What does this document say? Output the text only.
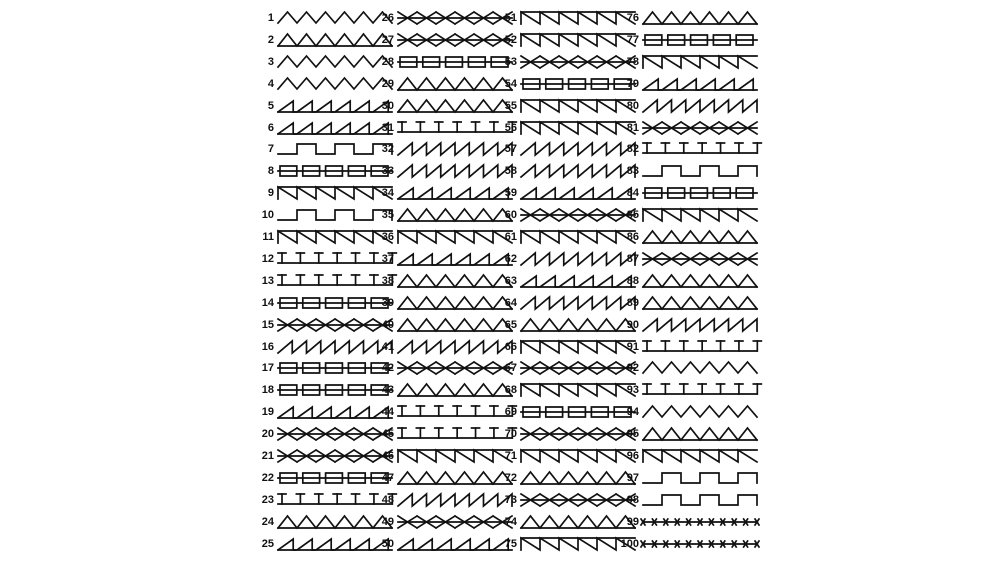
1
2
3
4
5
6
7
8
9
10
11
12
13
14
15
16
17
18
19
20
21
22
23
24
25
26
27
28
29
30
31
32
33
34
35
36
37
38
39
40
41
42
43
44
45
46
47
48
49
50
51
52
53
54
55
56
57
58
59
60
61
62
63
64
65
66
67
68
69
70
71
72
73
74
75
76
77
78
79
80
81
82
83
84
85
86
87
88
89
90
91
92
93
94
95
96
97
98
99
100
